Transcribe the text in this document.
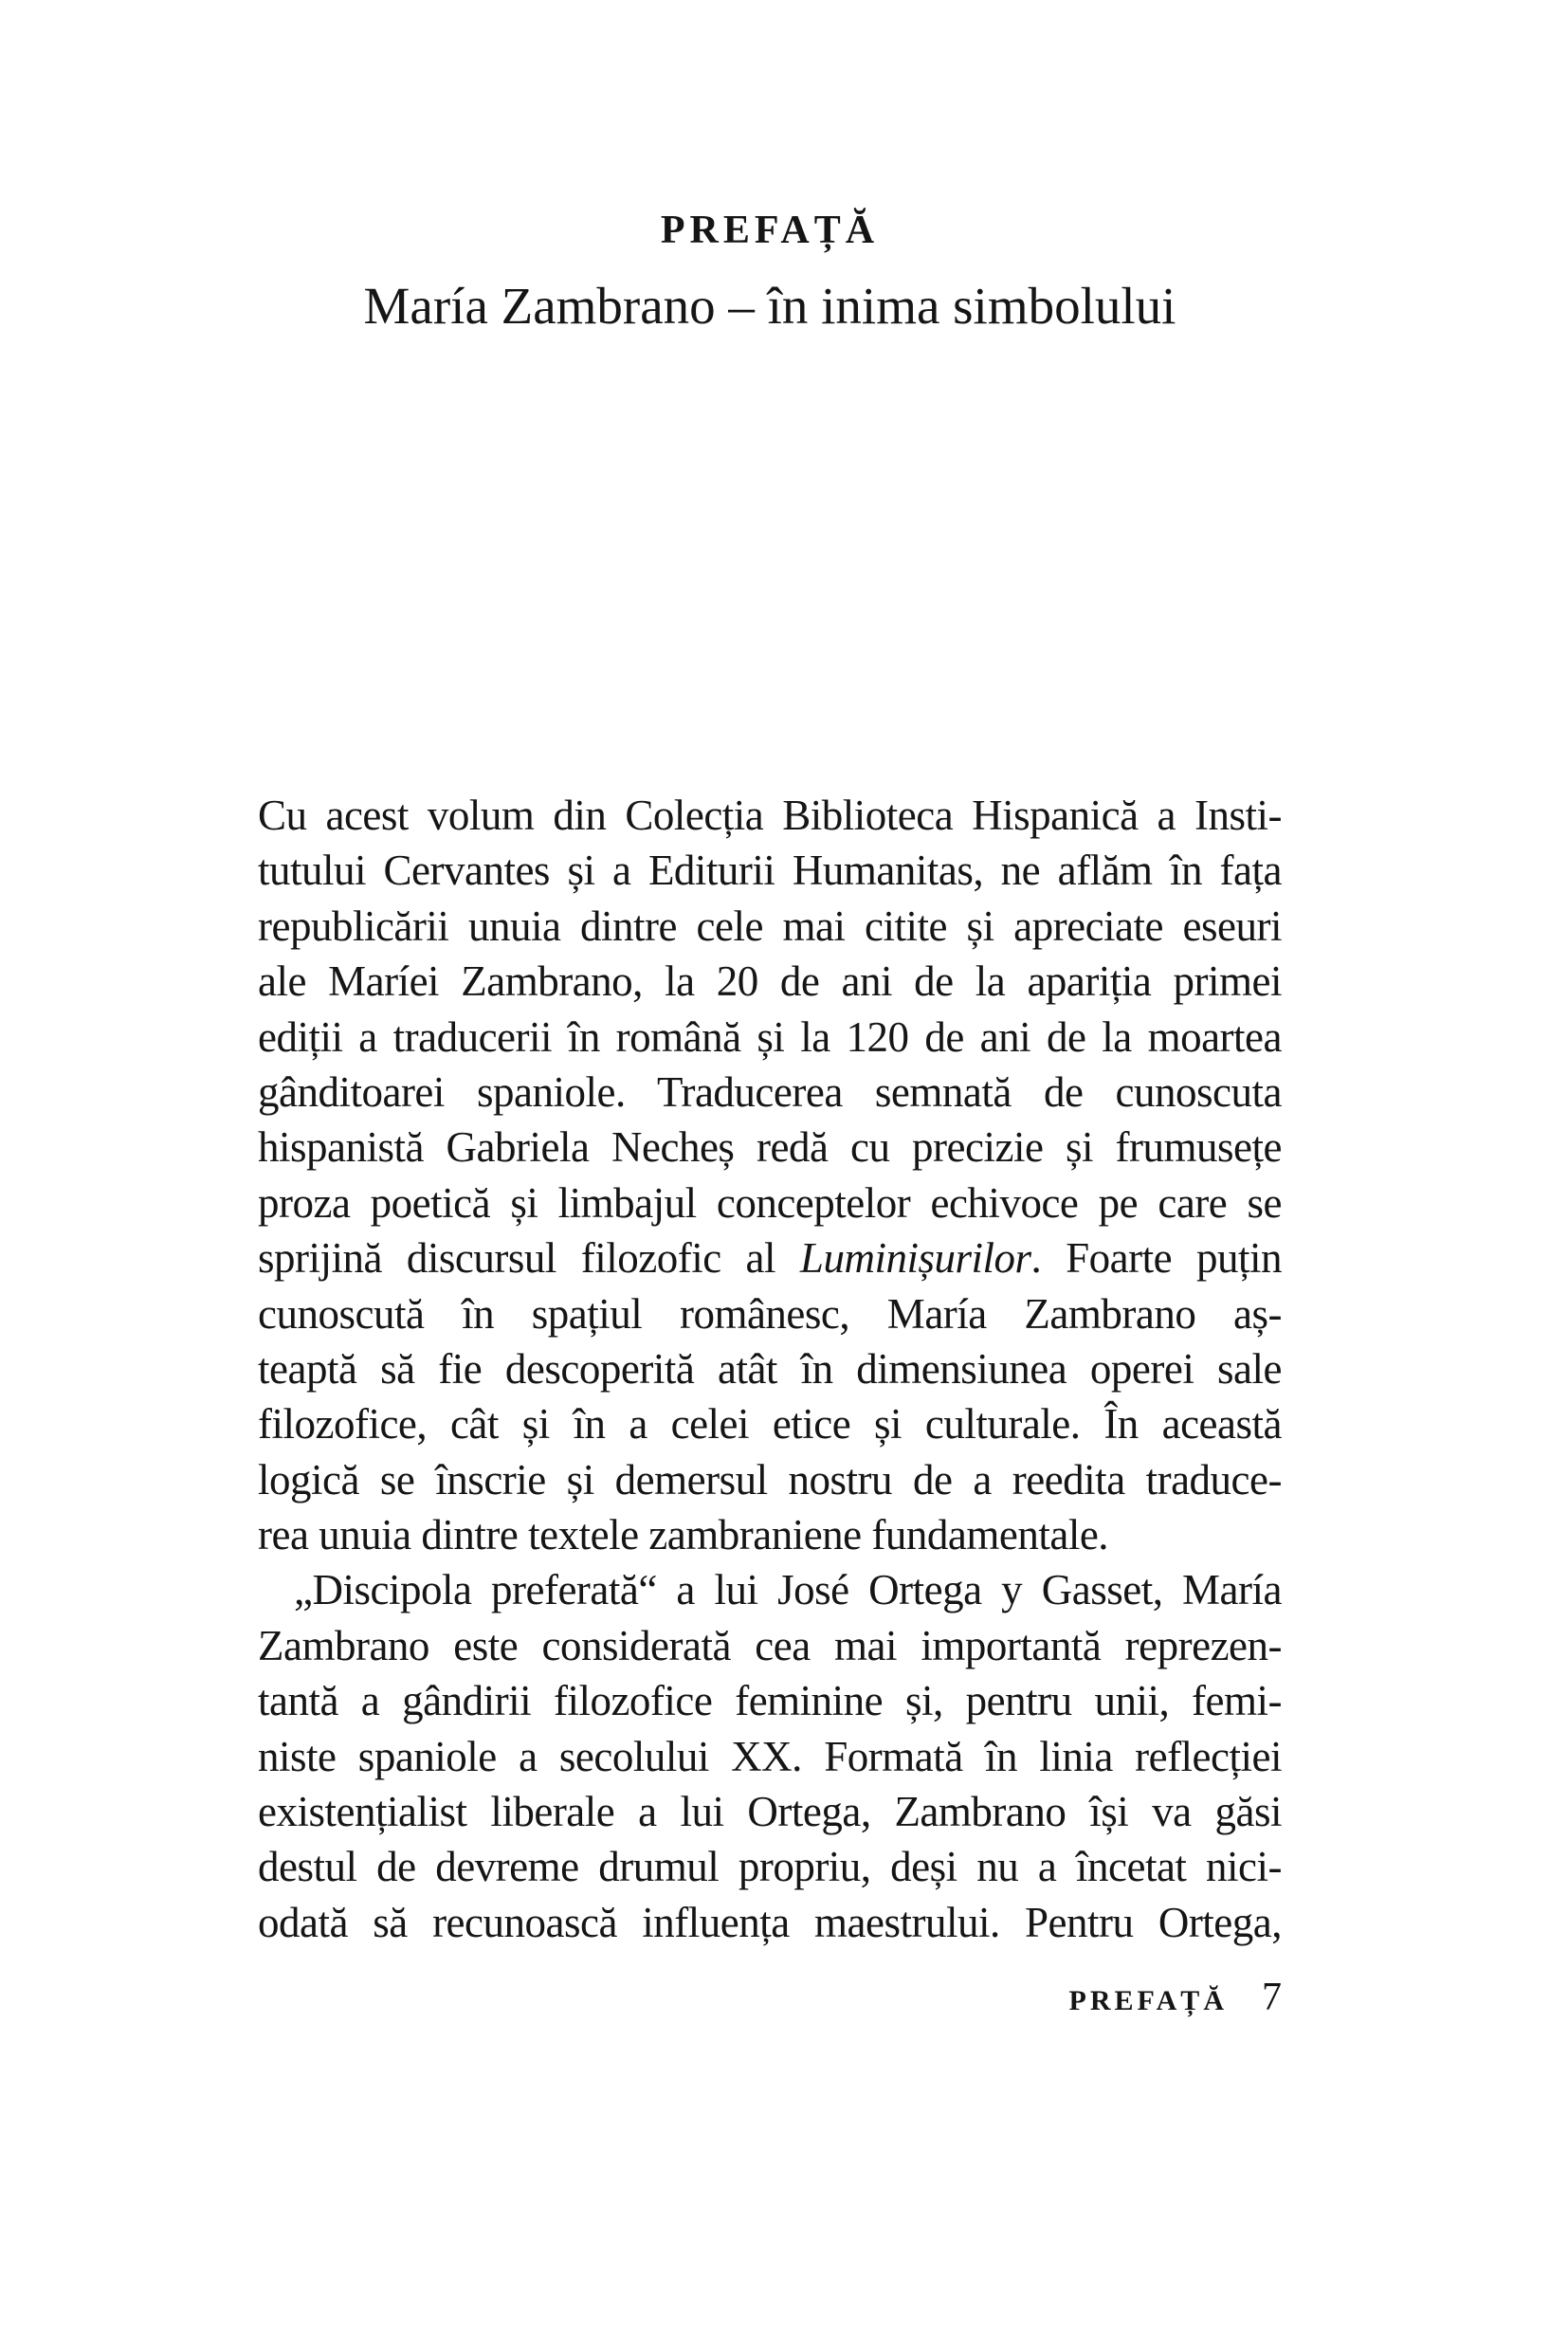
PREFAȚĂ
María Zambrano – în inima simbolului
Cu acest volum din Colecția Biblioteca Hispanică a Insti-
tutului Cervantes și a Editurii Humanitas, ne aflăm în fața
republicării unuia dintre cele mai citite și apreciate eseuri
ale Maríei Zambrano, la 20 de ani de la apariția primei
ediții a traducerii în română și la 120 de ani de la moartea
gânditoarei spaniole. Traducerea semnată de cunoscuta
hispanistă Gabriela Necheș redă cu precizie și frumusețe
proza poetică și limbajul conceptelor echivoce pe care se
sprijină discursul filozofic al Luminișurilor. Foarte puțin
cunoscută în spațiul românesc, María Zambrano aș-
teaptă să fie descoperită atât în dimensiunea operei sale
filozofice, cât și în a celei etice și culturale. În această
logică se înscrie și demersul nostru de a reedita traduce-
rea unuia dintre textele zambraniene fundamentale.
„Discipola preferată“ a lui José Ortega y Gasset, María
Zambrano este considerată cea mai importantă reprezen-
tantă a gândirii filozofice feminine și, pentru unii, femi-
niste spaniole a secolului XX. Formată în linia reflecției
existențialist liberale a lui Ortega, Zambrano își va găsi
destul de devreme drumul propriu, deși nu a încetat nici-
odată să recunoască influența maestrului. Pentru Ortega,
PREFAȚĂ 7
